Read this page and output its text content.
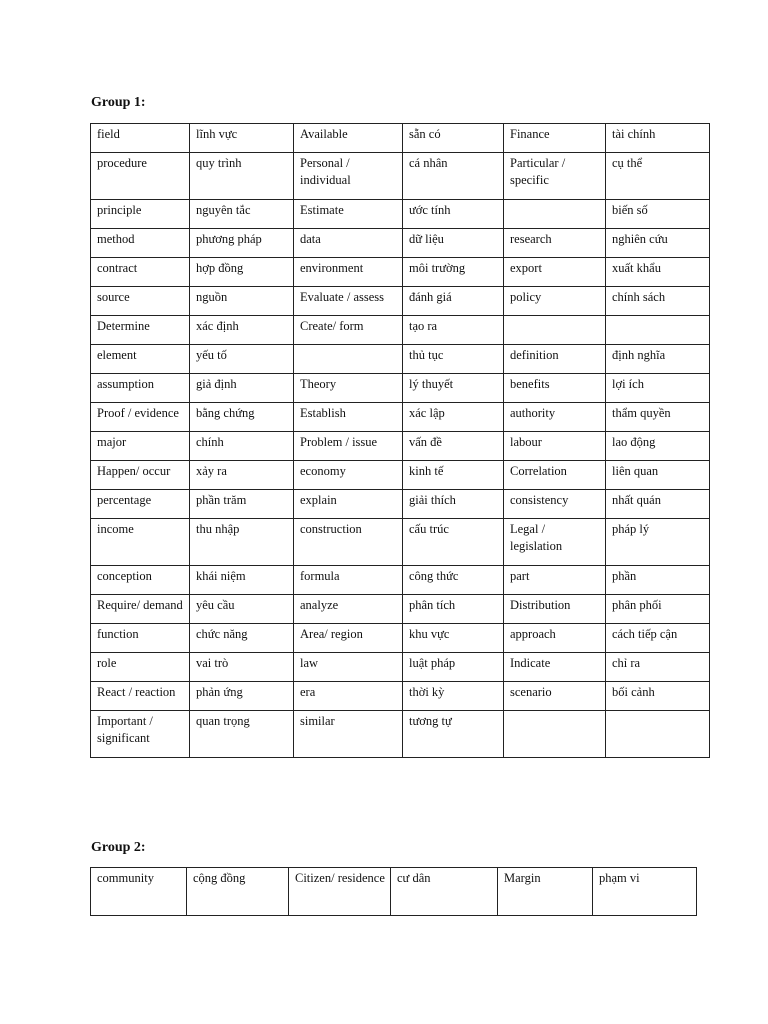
Group 1:
field	lĩnh vực	Available	sẵn có	Finance	tài chính
procedure	quy trình	Personal / individual	cá nhân	Particular / specific	cụ thể
principle	nguyên tắc	Estimate	ước tính		biến số
method	phương pháp	data	dữ liệu	research	nghiên cứu
contract	hợp đồng	environment	môi trường	export	xuất khẩu
source	nguồn	Evaluate / assess	đánh giá	policy	chính sách
Determine	xác định	Create/ form	tạo ra		
element	yếu tố		thủ tục	definition	định nghĩa
assumption	giả định	Theory	lý thuyết	benefits	lợi ích
Proof / evidence	bằng chứng	Establish	xác lập	authority	thẩm quyền
major	chính	Problem / issue	vấn đề	labour	lao động
Happen/ occur	xảy ra	economy	kinh tế	Correlation	liên quan
percentage	phần trăm	explain	giải thích	consistency	nhất quán
income	thu nhập	construction	cấu trúc	Legal / legislation	pháp lý
conception	khái niệm	formula	công thức	part	phần
Require/ demand	yêu cầu	analyze	phân tích	Distribution	phân phối
function	chức năng	Area/ region	khu vực	approach	cách tiếp cận
role	vai trò	law	luật pháp	Indicate	chỉ ra
React / reaction	phản ứng	era	thời kỳ	scenario	bối cảnh
Important / significant	quan trọng	similar	tương tự		
Group 2:
community	cộng đồng	Citizen/ residence	cư dân	Margin	phạm vi
